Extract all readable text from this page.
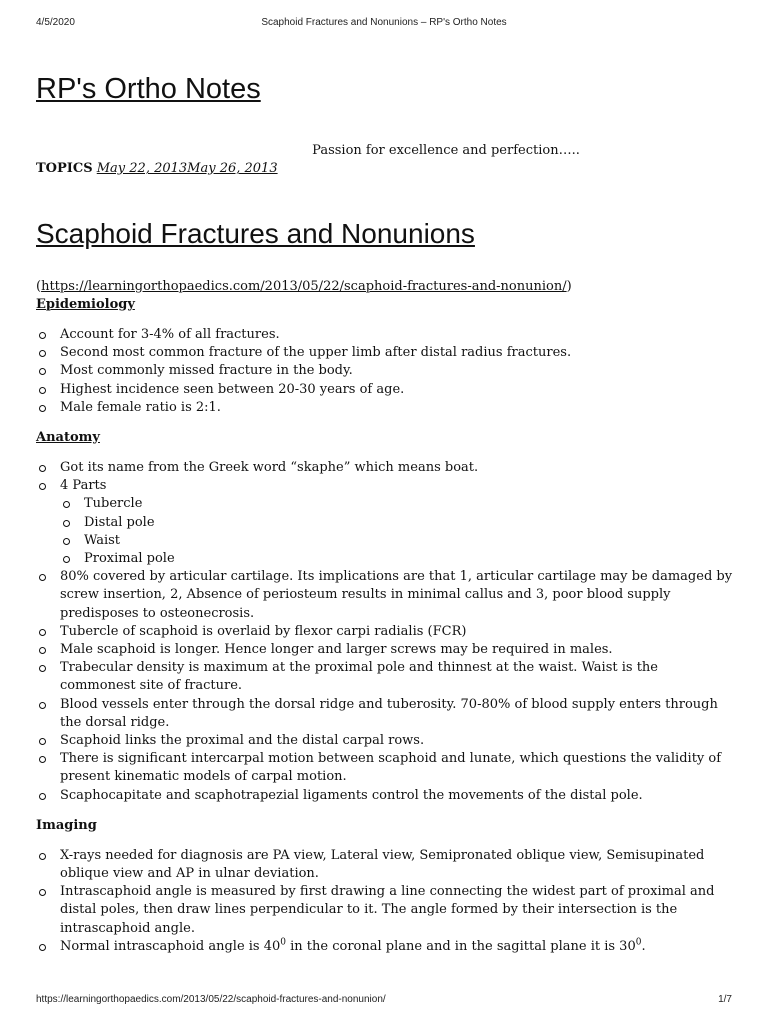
4/5/2020	Scaphoid Fractures and Nonunions – RP's Ortho Notes
RP's Ortho Notes
Passion for excellence and perfection…..
TOPICS May 22, 2013May 26, 2013
Scaphoid Fractures and Nonunions
(https://learningorthopaedics.com/2013/05/22/scaphoid-fractures-and-nonunion/)
Epidemiology
Account for 3-4% of all fractures.
Second most common fracture of the upper limb after distal radius fractures.
Most commonly missed fracture in the body.
Highest incidence seen between 20-30 years of age.
Male female ratio is 2:1.
Anatomy
Got its name from the Greek word “skaphe” which means boat.
4 Parts
Tubercle
Distal pole
Waist
Proximal pole
80% covered by articular cartilage. Its implications are that 1, articular cartilage may be damaged by screw insertion, 2, Absence of periosteum results in minimal callus and 3, poor blood supply predisposes to osteonecrosis.
Tubercle of scaphoid is overlaid by flexor carpi radialis (FCR)
Male scaphoid is longer. Hence longer and larger screws may be required in males.
Trabecular density is maximum at the proximal pole and thinnest at the waist. Waist is the commonest site of fracture.
Blood vessels enter through the dorsal ridge and tuberosity. 70-80% of blood supply enters through the dorsal ridge.
Scaphoid links the proximal and the distal carpal rows.
There is significant intercarpal motion between scaphoid and lunate, which questions the validity of present kinematic models of carpal motion.
Scaphocapitate and scaphotrapezial ligaments control the movements of the distal pole.
Imaging
X-rays needed for diagnosis are PA view, Lateral view, Semipronated oblique view, Semisupinated oblique view and AP in ulnar deviation.
Intrascaphoid angle is measured by first drawing a line connecting the widest part of proximal and distal poles, then draw lines perpendicular to it. The angle formed by their intersection is the intrascaphoid angle.
Normal intrascaphoid angle is $40^0$ in the coronal plane and in the sagittal plane it is $30^0$.
https://learningorthopaedics.com/2013/05/22/scaphoid-fractures-and-nonunion/	1/7
